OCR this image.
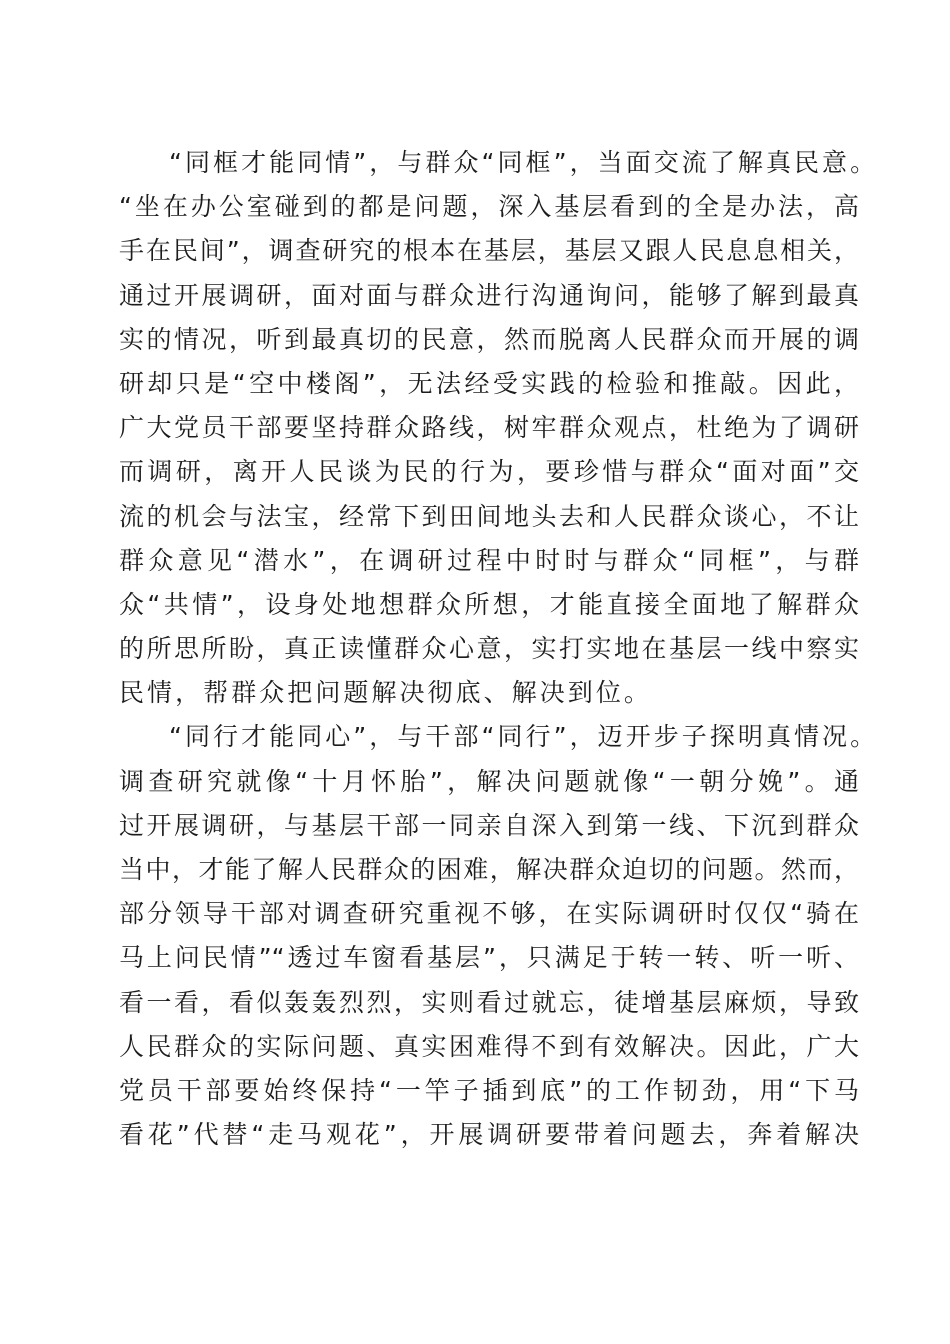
“同框才能同情”，与群众“同框”，当面交流了解真民意。
“坐在办公室碰到的都是问题，深入基层看到的全是办法，高
手在民间”，调查研究的根本在基层，基层又跟人民息息相关，
通过开展调研，面对面与群众进行沟通询问，能够了解到最真
实的情况，听到最真切的民意，然而脱离人民群众而开展的调
研却只是“空中楼阁”，无法经受实践的检验和推敲。因此，
广大党员干部要坚持群众路线，树牢群众观点，杜绝为了调研
而调研，离开人民谈为民的行为，要珍惜与群众“面对面”交
流的机会与法宝，经常下到田间地头去和人民群众谈心，不让
群众意见“潜水”，在调研过程中时时与群众“同框”，与群
众“共情”，设身处地想群众所想，才能直接全面地了解群众
的所思所盼，真正读懂群众心意，实打实地在基层一线中察实
民情，帮群众把问题解决彻底、解决到位。
“同行才能同心”，与干部“同行”，迈开步子探明真情况。
调查研究就像“十月怀胎”，解决问题就像“一朝分娩”。通
过开展调研，与基层干部一同亲自深入到第一线、下沉到群众
当中，才能了解人民群众的困难，解决群众迫切的问题。然而，
部分领导干部对调查研究重视不够，在实际调研时仅仅“骑在
马上问民情”“透过车窗看基层”，只满足于转一转、听一听、
看一看，看似轰轰烈烈，实则看过就忘，徒增基层麻烦，导致
人民群众的实际问题、真实困难得不到有效解决。因此，广大
党员干部要始终保持“一竿子插到底”的工作韧劲，用“下马
看花”代替“走马观花”，开展调研要带着问题去，奔着解决
